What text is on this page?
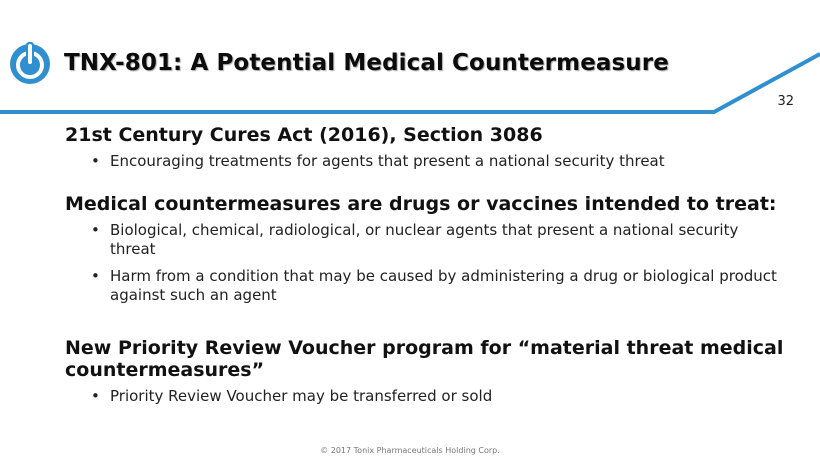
TNX-801: A Potential Medical Countermeasure
32

21st Century Cures Act (2016), Section 3086

• Encouraging treatments for agents that present a national security threat

Medical countermeasures are drugs or vaccines intended to treat:

• Biological, chemical, radiological, or nuclear agents that present a national security threat
• Harm from a condition that may be caused by administering a drug or biological product against such an agent

New Priority Review Voucher program for “material threat medical countermeasures”

• Priority Review Voucher may be transferred or sold
© 2017 Tonix Pharmaceuticals Holding Corp.
